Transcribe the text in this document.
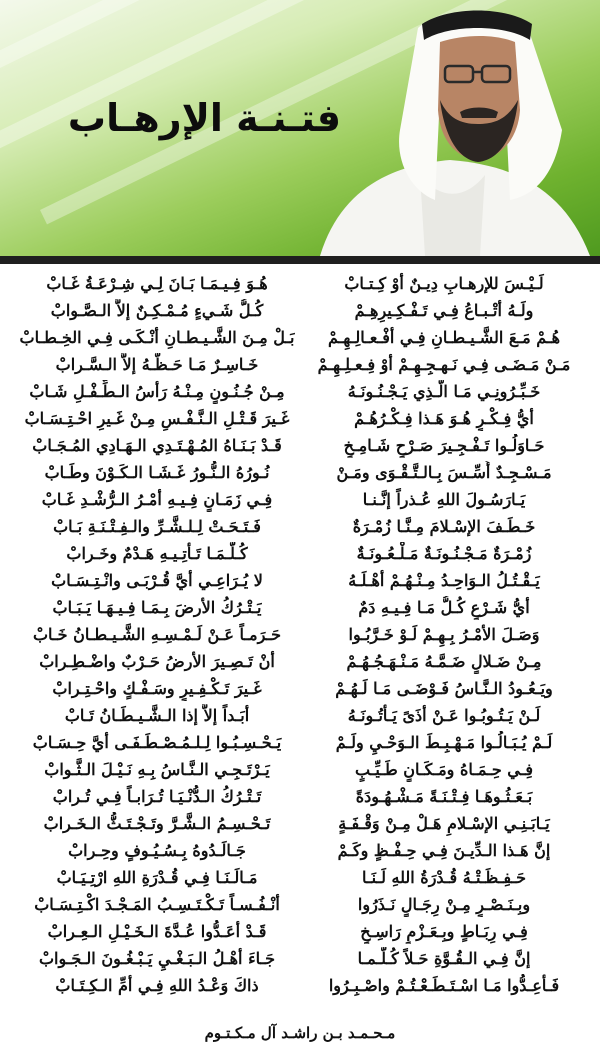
فتـنـة الإرهـاب
لَـيْـسَ للإرهـابِ دِيـنٌ أوْ كِـتـابْ
ولَـهُ أتْـبـاعُ فِـي تَـفْـكِـيرِهِـمْ
هُـمْ مَـعَ الشَّـيـطـانِ فِـي أفْـعـالِـهِـمْ
مَـنْ مَـضَـى فِـي نَـهـجِـهِـمْ أوْ فِـعـلِـهِـمْ
خَـبِّـرُونِـي مَـا الَّـذِي يَـجْـنُـونَـهُ
أيُّ فِـكْـرٍ هُـوَ هَـذا فِـكْـرُهُـمْ
حَـاوَلُـوا تَـفْـجِـيرَ صَـرْحٍ شَـامِـخٍ
مَـسْـجِـدٌ أُسِّـسَ بِـالـتَّـقْـوَى ومَـنْ
يَـارَسُـولَ اللهِ عُـذراً إنَّـنـا
خَـطَـفَ الإسْـلامَ مِـنَّـا زُمْـرَةٌ
زُمْـرَةٌ مَـجْـنُـونَـةٌ مَـلْـعُـونَـةٌ
يَـقْـتُـلُ الـوَاحِـدُ مِـنْـهُـمْ أهْـلَـهُ
أيُّ شَـرْعٍ كُـلُّ مَـا فِـيـهِ دَمٌ
وَصَـلَ الأمْـرُ بِـهِـمْ لَـوْ خَـرَّبُـوا
مِـنْ ضَـلالٍ ضَـمَّـهُ مَـنْـهَـجُـهُـمْ
ويَـعُـودُ الـنَّـاسُ فَـوْضَـى مَـا لَـهُـمْ
لَـنْ يَـتُـوبُـوا عَـنْ أذَىً يَـأتُـونَـهُ
لَـمْ يُـبَـالُـوا مَـهْـبِـطَ الـوَحْـيِ ولَـمْ
فِـي حِـمَـاهُ ومَـكَـانٍ طَـيِّـبٍ
بَـعَـثُـوهَـا فِـتْـنَـةً مَـشْـهُـودَةً
يَـابَـنِـي الإسْـلامِ هَـلْ مِـنْ وَقْـفَـةٍ
إنَّ هَـذا الـدِّيـنَ فِـي حِـفْـظٍ وكَـمْ
حَـفِـظَـتْـهُ قُـدْرَةُ اللهِ لَـنَـا
وبِـنَـصْـرٍ مِـنْ رِجَـالٍ نَـذَرُوا
فِـي رِبَـاطٍ وبِـعَـزْمٍ رَاسِـخٍ
إنَّ فِـي الـقُـوَّةِ حَـلاً كُـلَّـمـا
فَـأعِـدُّوا مَـا اسْـتَـطَـعْـتُـمْ واصْـبِـرُوا
هُـوَ فِـيـمَـا بَـانَ لِـي شِـرْعَـةُ غَـابْ
كُـلُّ شَـيءٍ مُـمْـكِـنٌ إلاَّ الـصَّـوابْ
بَـلْ مِـنَ الشَّـيـطـانِ أنْـكَـى فِـي الخِـطـابْ
خَـاسِـرٌ مَـا حَـظُّـهُ إلاَّ الـسَّـرابْ
مِـنْ جُـنُـونٍ مِـنْـهُ رَأسُ الـطِّـفْـلِ شَـابْ
غَـيرَ قَـتْـلِ الـنَّـفْـسِ مِـنْ غَـيرِ احْـتِـسَـابْ
قَـدْ بَـنَـاهُ المُـهْـتَـدِي الـهَـادِي المُـجَـابْ
نُـورُهُ الـنُّـورُ غَـشَـا الـكَـوْنَ وطَـابْ
فِـي زَمَـانٍ فِـيـهِ أمْـرُ الـرُّشْـدِ غَـابْ
فَـتَـحَـتْ لِـلـشَّـرِّ والـفِـتْـنَـةِ بَـابْ
كُـلَّـمَـا تَـأتِـيـهِ هَـدْمٌ وخَـرابْ
لا يُـرَاعِـي أيَّ قُـرْبَـى وانْـتِـسَـابْ
يَـتْـرُكُ الأرضَ بِـمَـا فِـيـهَـا يَـبَـابْ
حَـرَمـاً عَـنْ لَـمْـسِـهِ الشَّـيـطـانُ خَـابْ
أنْ تَـصِـيرَ الأرضُ حَـرْبٌ واضْـطِـرابْ
غَـيرَ تَـكْـفِـيرٍ وسَـفْـكٍ واحْـتِـرابْ
أبَـداً إلاَّ إذا الـشَّـيـطَـانُ تَـابْ
يَـحْـسِـبُـوا لِـلـمُـصْـطَـفَـى أيَّ حِـسَـابْ
يَـرْتَـجِـي الـنَّـاسُ بِـهِ نَـيْـلَ الـثَّـوابْ
تَـتْـرُكُ الـدُّنْـيَـا تُـرَابـاً فِـي تُـرابْ
تَـحْـسِـمُ الـشَّـرَّ وتَـجْـتَـثُّ الـخَـرابْ
جَـالَـدُوهُ بِـسُـيُـوفٍ وحِـرابْ
مَـالَـنَـا فِـي قُـدْرَةِ اللهِ ارْتِـيَـابْ
أنْـفُـسـاً تَـكْـتَـسِـبُ المَـجْـدَ اكْـتِـسَـابْ
قَـدْ أعَـدُّوا عُـدَّةَ الـخَـيْـلِ الـعِـرابْ
جَـاءَ أهْـلُ الـبَـغْـيِ يَـبْـغُـونَ الـجَـوابْ
ذاكَ وَعْـدُ اللهِ فِـي أمِّ الـكِـتَـابْ
مـحـمـد بـن راشـد آل مـكـتـوم
